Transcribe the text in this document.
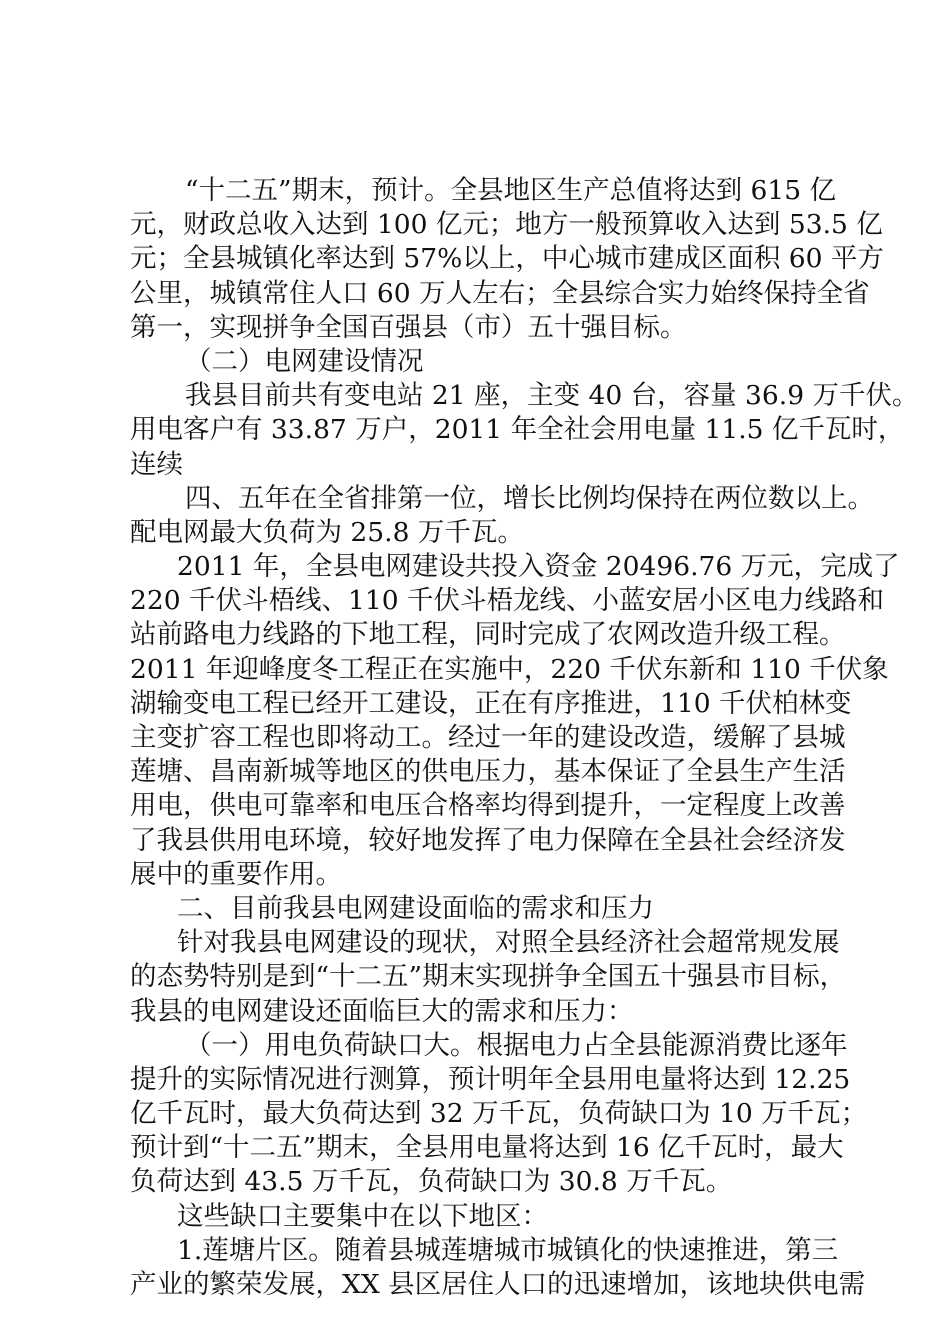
“十二五”期末，预计。全县地区生产总值将达到 615 亿
元，财政总收入达到 100 亿元；地方一般预算收入达到 53.5 亿
元；全县城镇化率达到 57%以上，中心城市建成区面积 60 平方
公里，城镇常住人口 60 万人左右；全县综合实力始终保持全省
第一，实现拼争全国百强县（市）五十强目标。
（二）电网建设情况
我县目前共有变电站 21 座，主变 40 台，容量 36.9 万千伏。
用电客户有 33.87 万户，2011 年全社会用电量 11.5 亿千瓦时，
连续
四、五年在全省排第一位，增长比例均保持在两位数以上。
配电网最大负荷为 25.8 万千瓦。
2011 年，全县电网建设共投入资金 20496.76 万元，完成了
220 千伏斗梧线、110 千伏斗梧龙线、小蓝安居小区电力线路和
站前路电力线路的下地工程，同时完成了农网改造升级工程。
2011 年迎峰度冬工程正在实施中，220 千伏东新和 110 千伏象
湖输变电工程已经开工建设，正在有序推进，110 千伏柏林变
主变扩容工程也即将动工。经过一年的建设改造，缓解了县城
莲塘、昌南新城等地区的供电压力，基本保证了全县生产生活
用电，供电可靠率和电压合格率均得到提升，一定程度上改善
了我县供用电环境，较好地发挥了电力保障在全县社会经济发
展中的重要作用。
二、目前我县电网建设面临的需求和压力
针对我县电网建设的现状，对照全县经济社会超常规发展
的态势特别是到“十二五”期末实现拼争全国五十强县市目标，
我县的电网建设还面临巨大的需求和压力：
（一）用电负荷缺口大。根据电力占全县能源消费比逐年
提升的实际情况进行测算，预计明年全县用电量将达到 12.25
亿千瓦时，最大负荷达到 32 万千瓦，负荷缺口为 10 万千瓦；
预计到“十二五”期末，全县用电量将达到 16 亿千瓦时，最大
负荷达到 43.5 万千瓦，负荷缺口为 30.8 万千瓦。
这些缺口主要集中在以下地区：
1.莲塘片区。随着县城莲塘城市城镇化的快速推进，第三
产业的繁荣发展，XX 县区居住人口的迅速增加，该地块供电需
